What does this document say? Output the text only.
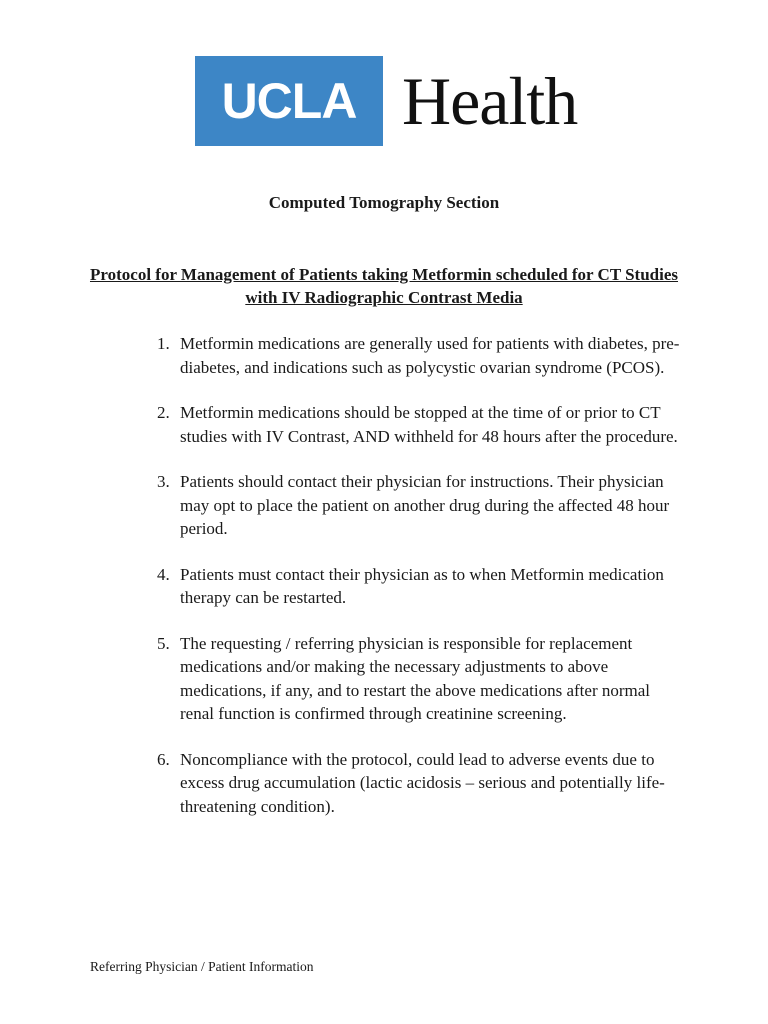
UCLA Health
Computed Tomography Section
Protocol for Management of Patients taking Metformin scheduled for CT Studies with IV Radiographic Contrast Media
1. Metformin medications are generally used for patients with diabetes, pre-diabetes, and indications such as polycystic ovarian syndrome (PCOS).
2. Metformin medications should be stopped at the time of or prior to CT studies with IV Contrast, AND withheld for 48 hours after the procedure.
3. Patients should contact their physician for instructions. Their physician may opt to place the patient on another drug during the affected 48 hour period.
4. Patients must contact their physician as to when Metformin medication therapy can be restarted.
5. The requesting / referring physician is responsible for replacement medications and/or making the necessary adjustments to above medications, if any, and to restart the above medications after normal renal function is confirmed through creatinine screening.
6. Noncompliance with the protocol, could lead to adverse events due to excess drug accumulation (lactic acidosis – serious and potentially life-threatening condition).
Referring Physician / Patient Information
